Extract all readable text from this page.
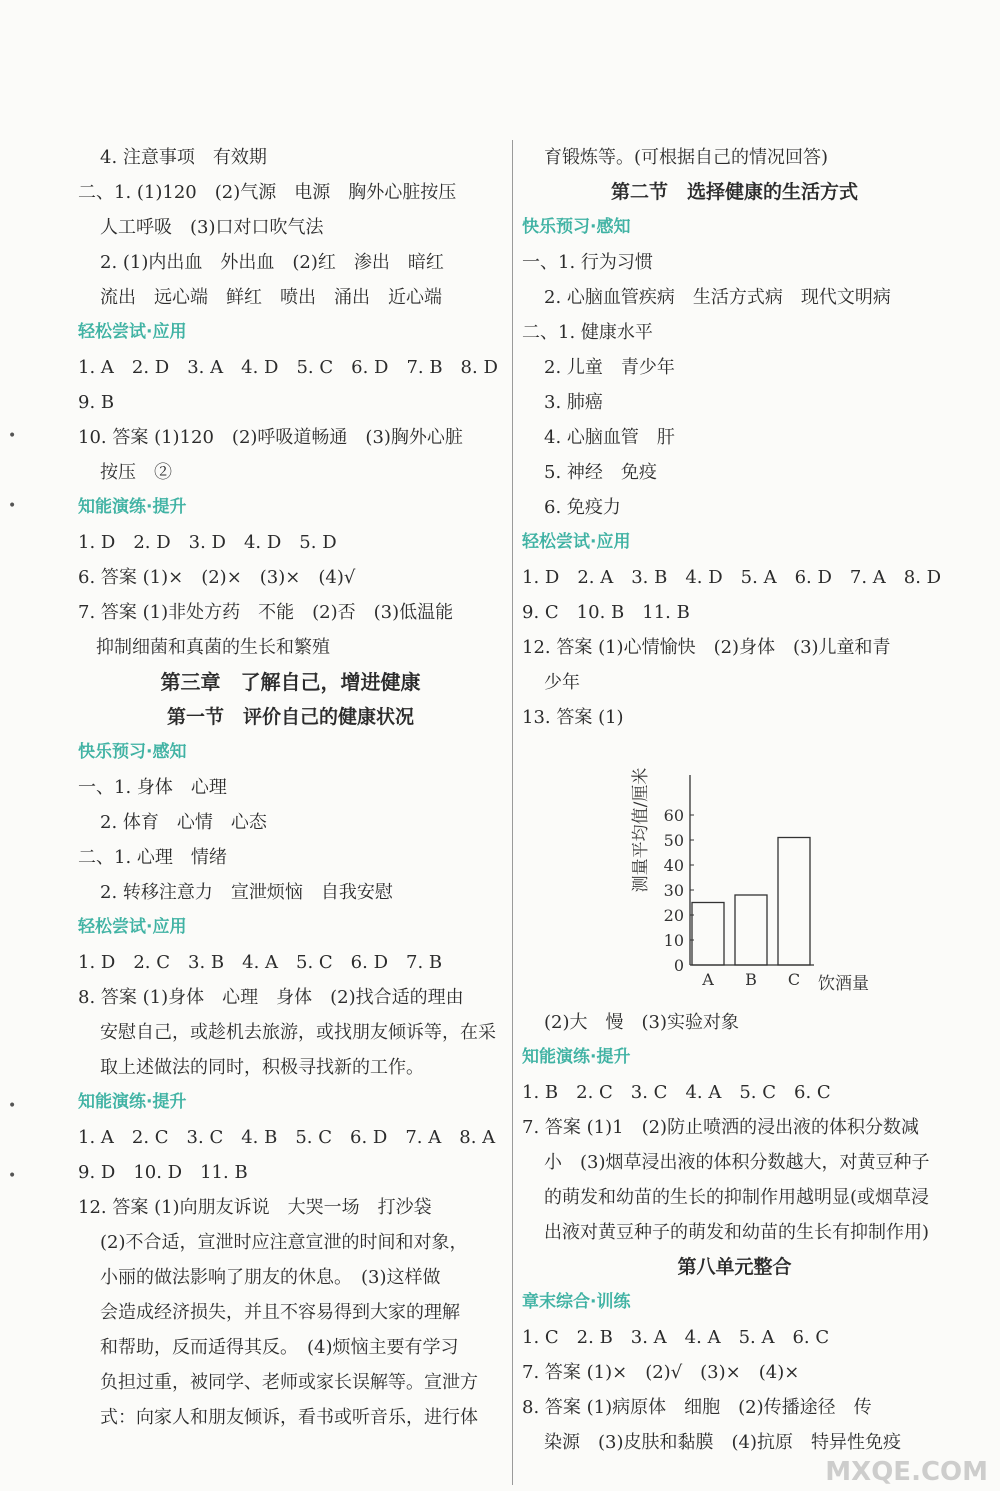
•
•
•
•
4. 注意事项　有效期
二、1. (1)120　(2)气源　电源　胸外心脏按压
人工呼吸　(3)口对口吹气法
2. (1)内出血　外出血　(2)红　渗出　暗红
流出　远心端　鲜红　喷出　涌出　近心端
轻松尝试·应用
1. A　2. D　3. A　4. D　5. C　6. D　7. B　8. D
9. B
10. 答案 (1)120　(2)呼吸道畅通　(3)胸外心脏
按压　②
知能演练·提升
1. D　2. D　3. D　4. D　5. D
6. 答案 (1)×　(2)×　(3)×　(4)√
7. 答案 (1)非处方药　不能　(2)否　(3)低温能
抑制细菌和真菌的生长和繁殖
第三章　了解自己，增进健康
第一节　评价自己的健康状况
快乐预习·感知
一、1. 身体　心理
2. 体育　心情　心态
二、1. 心理　情绪
2. 转移注意力　宣泄烦恼　自我安慰
轻松尝试·应用
1. D　2. C　3. B　4. A　5. C　6. D　7. B
8. 答案 (1)身体　心理　身体　(2)找合适的理由
安慰自己，或趁机去旅游，或找朋友倾诉等，在采
取上述做法的同时，积极寻找新的工作。
知能演练·提升
1. A　2. C　3. C　4. B　5. C　6. D　7. A　8. A
9. D　10. D　11. B
12. 答案 (1)向朋友诉说　大哭一场　打沙袋
(2)不合适，宣泄时应注意宣泄的时间和对象，
小丽的做法影响了朋友的休息。　(3)这样做
会造成经济损失，并且不容易得到大家的理解
和帮助，反而适得其反。　(4)烦恼主要有学习
负担过重，被同学、老师或家长误解等。宣泄方
式：向家人和朋友倾诉，看书或听音乐，进行体
育锻炼等。(可根据自己的情况回答)
第二节　选择健康的生活方式
快乐预习·感知
一、1. 行为习惯
2. 心脑血管疾病　生活方式病　现代文明病
二、1. 健康水平
2. 儿童　青少年
3. 肺癌
4. 心脑血管　肝
5. 神经　免疫
6. 免疫力
轻松尝试·应用
1. D　2. A　3. B　4. D　5. A　6. D　7. A　8. D
9. C　10. B　11. B
12. 答案 (1)心情愉快　(2)身体　(3)儿童和青
少年
13. 答案 (1)
0
10
20
30
40
50
60
A B C 饮酒量
测量平均值/厘米
(2)大　慢　(3)实验对象
知能演练·提升
1. B　2. C　3. C　4. A　5. C　6. C
7. 答案 (1)1　(2)防止喷洒的浸出液的体积分数减
小　(3)烟草浸出液的体积分数越大，对黄豆种子
的萌发和幼苗的生长的抑制作用越明显(或烟草浸
出液对黄豆种子的萌发和幼苗的生长有抑制作用)
第八单元整合
章末综合·训练
1. C　2. B　3. A　4. A　5. A　6. C
7. 答案 (1)×　(2)√　(3)×　(4)×
8. 答案 (1)病原体　细胞　(2)传播途径　传
染源　(3)皮肤和黏膜　(4)抗原　特异性免疫
MXQE.COM
